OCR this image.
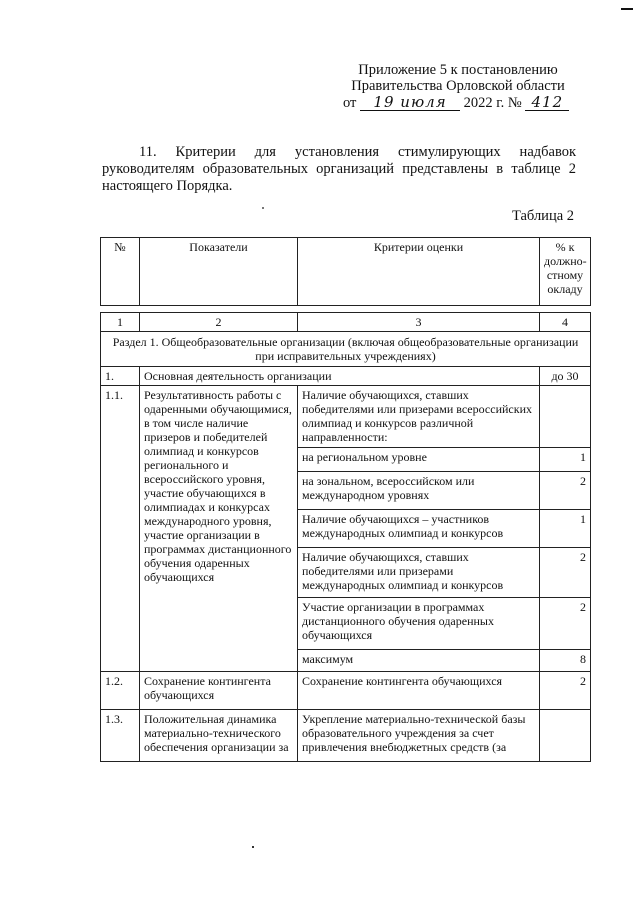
Приложение 5 к постановлению
Правительства Орловской области
от 19 июля 2022 г. № 412
11. Критерии для установления стимулирующих надбавок
руководителям образовательных организаций представлены в таблице 2
настоящего Порядка.
Таблица 2
№	Показатели	Критерии оценки	% к должно-стному окладу

1	2	3	4
Раздел 1. Общеобразовательные организации (включая общеобразовательные организации при исправительных учреждениях)			
1.	Основная деятельность организации		до 30
1.1.	Результативность работы с одаренными обучающимися, в том числе наличие призеров и победителей олимпиад и конкурсов регионального и всероссийского уровня, участие обучающихся в олимпиадах и конкурсах международного уровня, участие организации в программах дистанционного обучения одаренных обучающихся	Наличие обучающихся, ставших победителями или призерами всероссийских олимпиад и конкурсов различной направленности:	
		на региональном уровне	1
		на зональном, всероссийском или международном уровнях	2
		Наличие обучающихся – участников международных олимпиад и конкурсов	1
		Наличие обучающихся, ставших победителями или призерами международных олимпиад и конкурсов	2
		Участие организации в программах дистанционного обучения одаренных обучающихся	2
		максимум	8
1.2.	Сохранение контингента обучающихся	Сохранение контингента обучающихся	2
1.3.	Положительная динамика материально-технического обеспечения организации за	Укрепление материально-технической базы образовательного учреждения за счет привлечения внебюджетных средств (за	
